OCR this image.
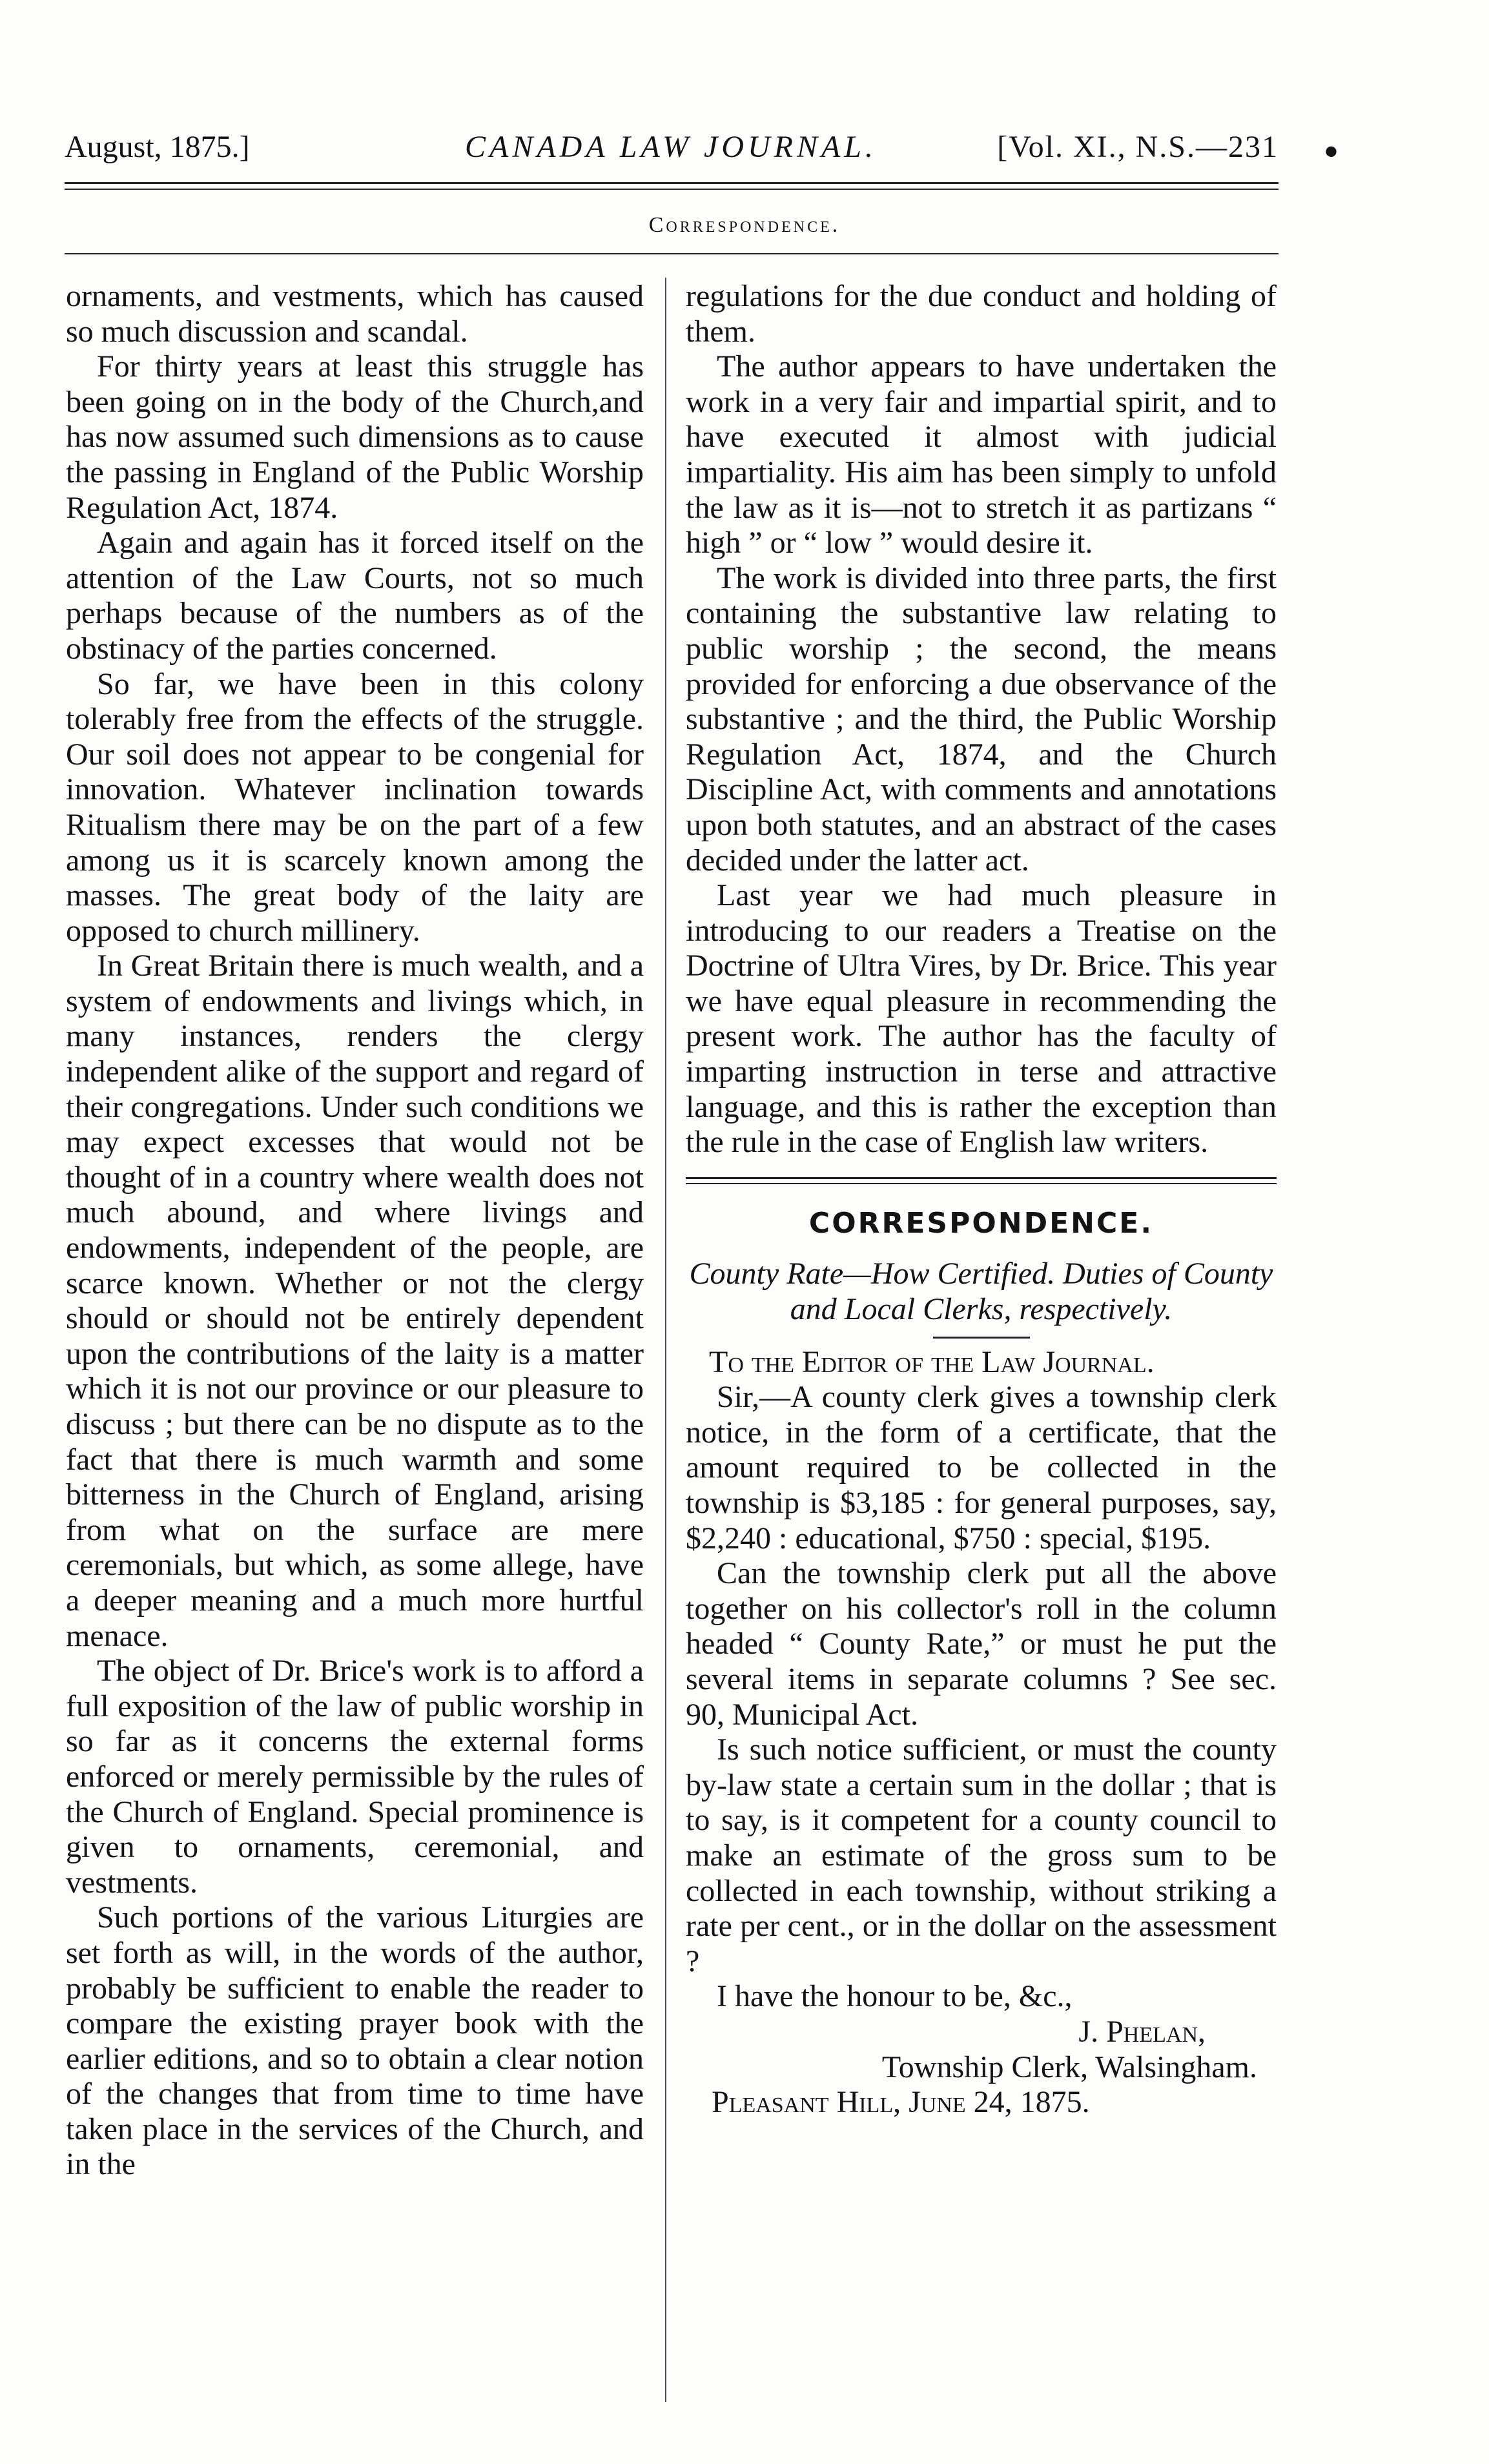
August, 1875.]	CANADA LAW JOURNAL.	[Vol. XI., N.S.—231 •
Correspondence.

ornaments, and vestments, which has caused so much discussion and scandal.

For thirty years at least this struggle has been going on in the body of the Church,and has now assumed such dimensions as to cause the passing in England of the Public Worship Regulation Act, 1874.

Again and again has it forced itself on the attention of the Law Courts, not so much perhaps because of the numbers as of the obstinacy of the parties concerned.

So far, we have been in this colony tolerably free from the effects of the struggle. Our soil does not appear to be congenial for innovation. Whatever inclination towards Ritualism there may be on the part of a few among us it is scarcely known among the masses. The great body of the laity are opposed to church millinery.

In Great Britain there is much wealth, and a system of endowments and livings which, in many instances, renders the clergy independent alike of the support and regard of their congregations. Under such conditions we may expect excesses that would not be thought of in a country where wealth does not much abound, and where livings and endowments, independent of the people, are scarce known. Whether or not the clergy should or should not be entirely dependent upon the contributions of the laity is a matter which it is not our province or our pleasure to discuss ; but there can be no dispute as to the fact that there is much warmth and some bitterness in the Church of England, arising from what on the surface are mere ceremonials, but which, as some allege, have a deeper meaning and a much more hurtful menace.

The object of Dr. Brice's work is to afford a full exposition of the law of public worship in so far as it concerns the external forms enforced or merely permissible by the rules of the Church of England. Special prominence is given to ornaments, ceremonial, and vestments.

Such portions of the various Liturgies are set forth as will, in the words of the author, probably be sufficient to enable the reader to compare the existing prayer book with the earlier editions, and so to obtain a clear notion of the changes that from time to time have taken place in the services of the Church, and in the

regulations for the due conduct and holding of them.

The author appears to have undertaken the work in a very fair and impartial spirit, and to have executed it almost with judicial impartiality. His aim has been simply to unfold the law as it is—not to stretch it as partizans “ high ” or “ low ” would desire it.

The work is divided into three parts, the first containing the substantive law relating to public worship ; the second, the means provided for enforcing a due observance of the substantive ; and the third, the Public Worship Regulation Act, 1874, and the Church Discipline Act, with comments and annotations upon both statutes, and an abstract of the cases decided under the latter act.

Last year we had much pleasure in introducing to our readers a Treatise on the Doctrine of Ultra Vires, by Dr. Brice. This year we have equal pleasure in recommending the present work. The author has the faculty of imparting instruction in terse and attractive language, and this is rather the exception than the rule in the case of English law writers.

CORRESPONDENCE.

County Rate—How Certified. Duties of County and Local Clerks, respectively.

To the Editor of the Law Journal.

Sir,—A county clerk gives a township clerk notice, in the form of a certificate, that the amount required to be collected in the township is $3,185 : for general purposes, say, $2,240 : educational, $750 : special, $195.

Can the township clerk put all the above together on his collector's roll in the column headed “ County Rate,” or must he put the several items in separate columns ? See sec. 90, Municipal Act.

Is such notice sufficient, or must the county by-law state a certain sum in the dollar ; that is to say, is it competent for a county council to make an estimate of the gross sum to be collected in each township, without striking a rate per cent., or in the dollar on the assessment ?

I have the honour to be, &c.,

J. Phelan,

Township Clerk, Walsingham.

Pleasant Hill, June 24, 1875.
